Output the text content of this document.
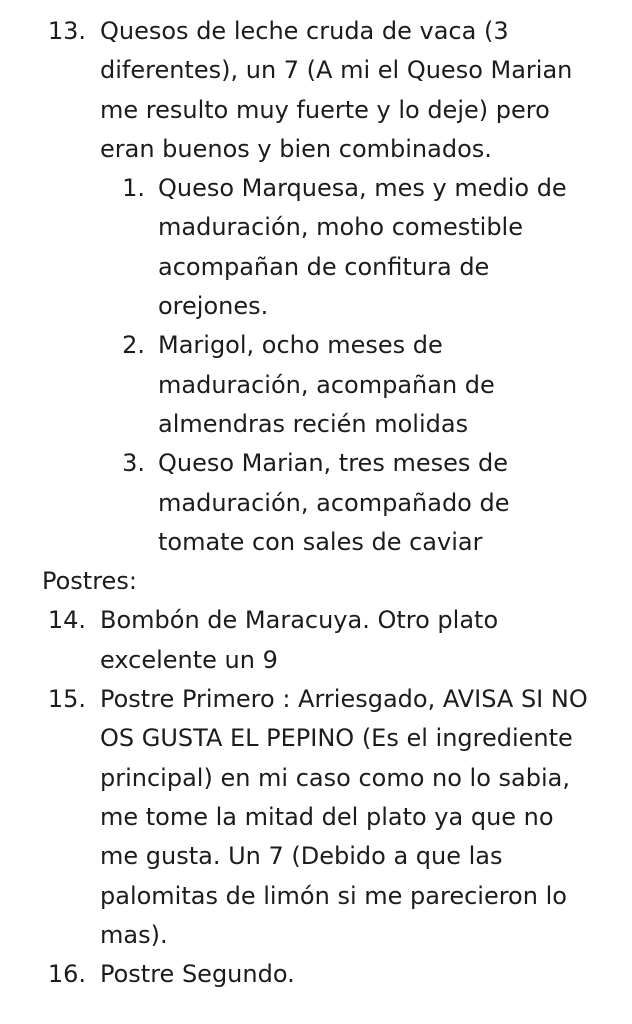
13. Quesos de leche cruda de vaca (3 diferentes), un 7 (A mi el Queso Marian me resulto muy fuerte y lo deje) pero eran buenos y bien combinados.
1. Queso Marquesa, mes y medio de maduración, moho comestible acompañan de confitura de orejones.
2. Marigol, ocho meses de maduración, acompañan de almendras recién molidas
3. Queso Marian, tres meses de maduración, acompañado de tomate con sales de caviar
Postres:
14. Bombón de Maracuya. Otro plato excelente un 9
15. Postre Primero : Arriesgado, AVISA SI NO OS GUSTA EL PEPINO (Es el ingrediente principal) en mi caso como no lo sabia, me tome la mitad del plato ya que no me gusta. Un 7 (Debido a que las palomitas de limón si me parecieron lo mas).
16. Postre Segundo.
